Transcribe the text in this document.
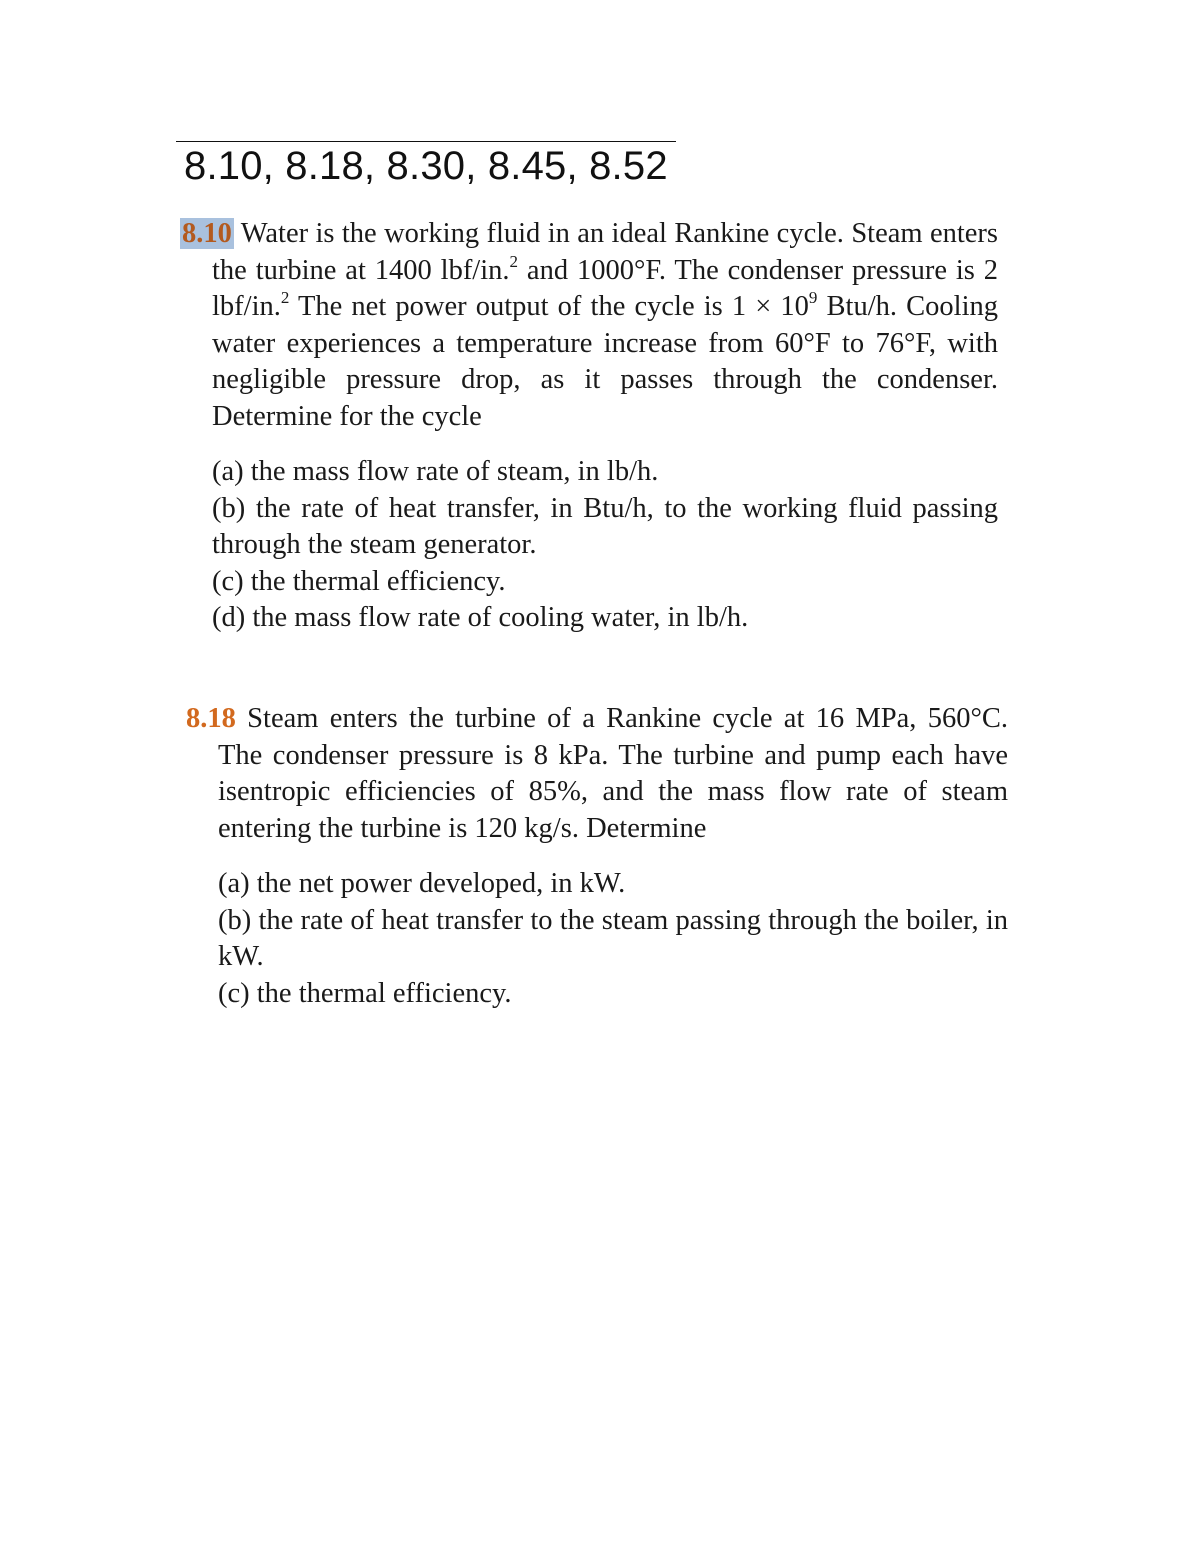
8.10, 8.18, 8.30, 8.45, 8.52

8.10 Water is the working fluid in an ideal Rankine cycle. Steam enters the turbine at 1400 lbf/in.$^2$ and 1000°F. The condenser pressure is 2 lbf/in.$^2$ The net power output of the cycle is $1 \times 10^9$ Btu/h. Cooling water experiences a temperature increase from 60°F to 76°F, with negligible pressure drop, as it passes through the condenser. Determine for the cycle

(a) the mass flow rate of steam, in lb/h.

(b) the rate of heat transfer, in Btu/h, to the working fluid passing through the steam generator.

(c) the thermal efficiency.

(d) the mass flow rate of cooling water, in lb/h.

8.18 Steam enters the turbine of a Rankine cycle at 16 MPa, 560°C. The condenser pressure is 8 kPa. The turbine and pump each have isentropic efficiencies of 85%, and the mass flow rate of steam entering the turbine is 120 kg/s. Determine

(a) the net power developed, in kW.

(b) the rate of heat transfer to the steam passing through the boiler, in kW.

(c) the thermal efficiency.
